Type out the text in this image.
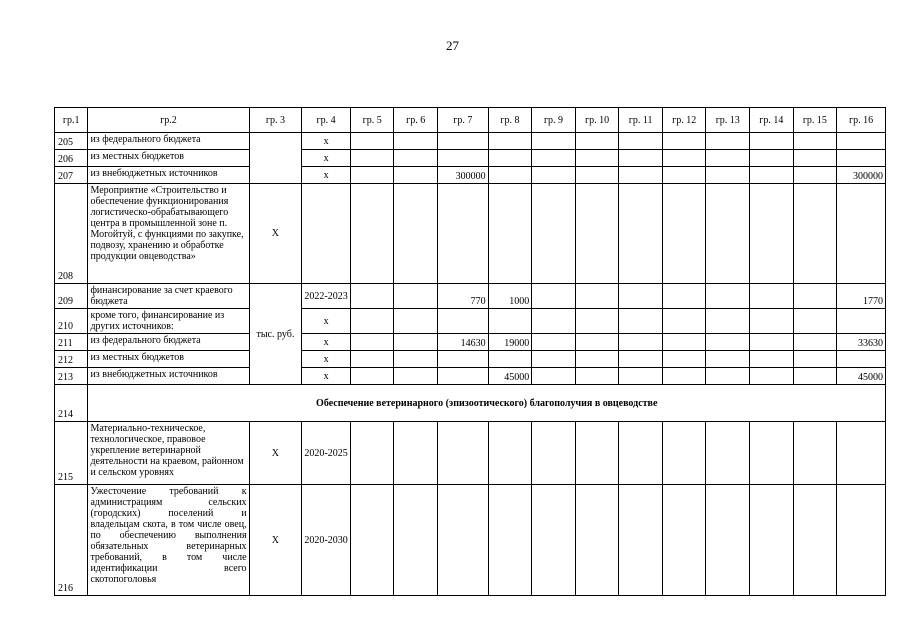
27
гр.1	гр.2	гр. 3	гр. 4	гр. 5	гр. 6	гр. 7	гр. 8	гр. 9	гр. 10	гр. 11	гр. 12	гр. 13	гр. 14	гр. 15	гр. 16
205	из федерального бюджета		х												
206	из местных бюджетов		х												
207	из внебюджетных источников		х			300000									300000
208	Мероприятие «Строительство и обеспечение функционирования логистическо-обрабатывающего центра в промышленной зоне п. Могойтуй, с функциями по закупке, подвозу, хранению и обработке продукции овцеводства»	Х													
209	финансирование за счет краевого бюджета	тыс. руб.	2022-2023			770	1000								1770
210	кроме того, финансирование из других источников:		х												
211	из федерального бюджета		х			14630	19000								33630
212	из местных бюджетов		х												
213	из внебюджетных источников		х				45000								45000
214	Обеспечение ветеринарного (эпизоотического) благополучия в овцеводстве														
215	Материально-техническое, технологическое, правовое укрепление ветеринарной деятельности на краевом, районном и сельском уровнях	Х	2020-2025												
216	Ужесточение требований к администрациям сельских (городских) поселений и владельцам скота, в том числе овец, по обеспечению выполнения обязательных ветеринарных требований, в том числе идентификации всего скотопоголовья	Х	2020-2030												
